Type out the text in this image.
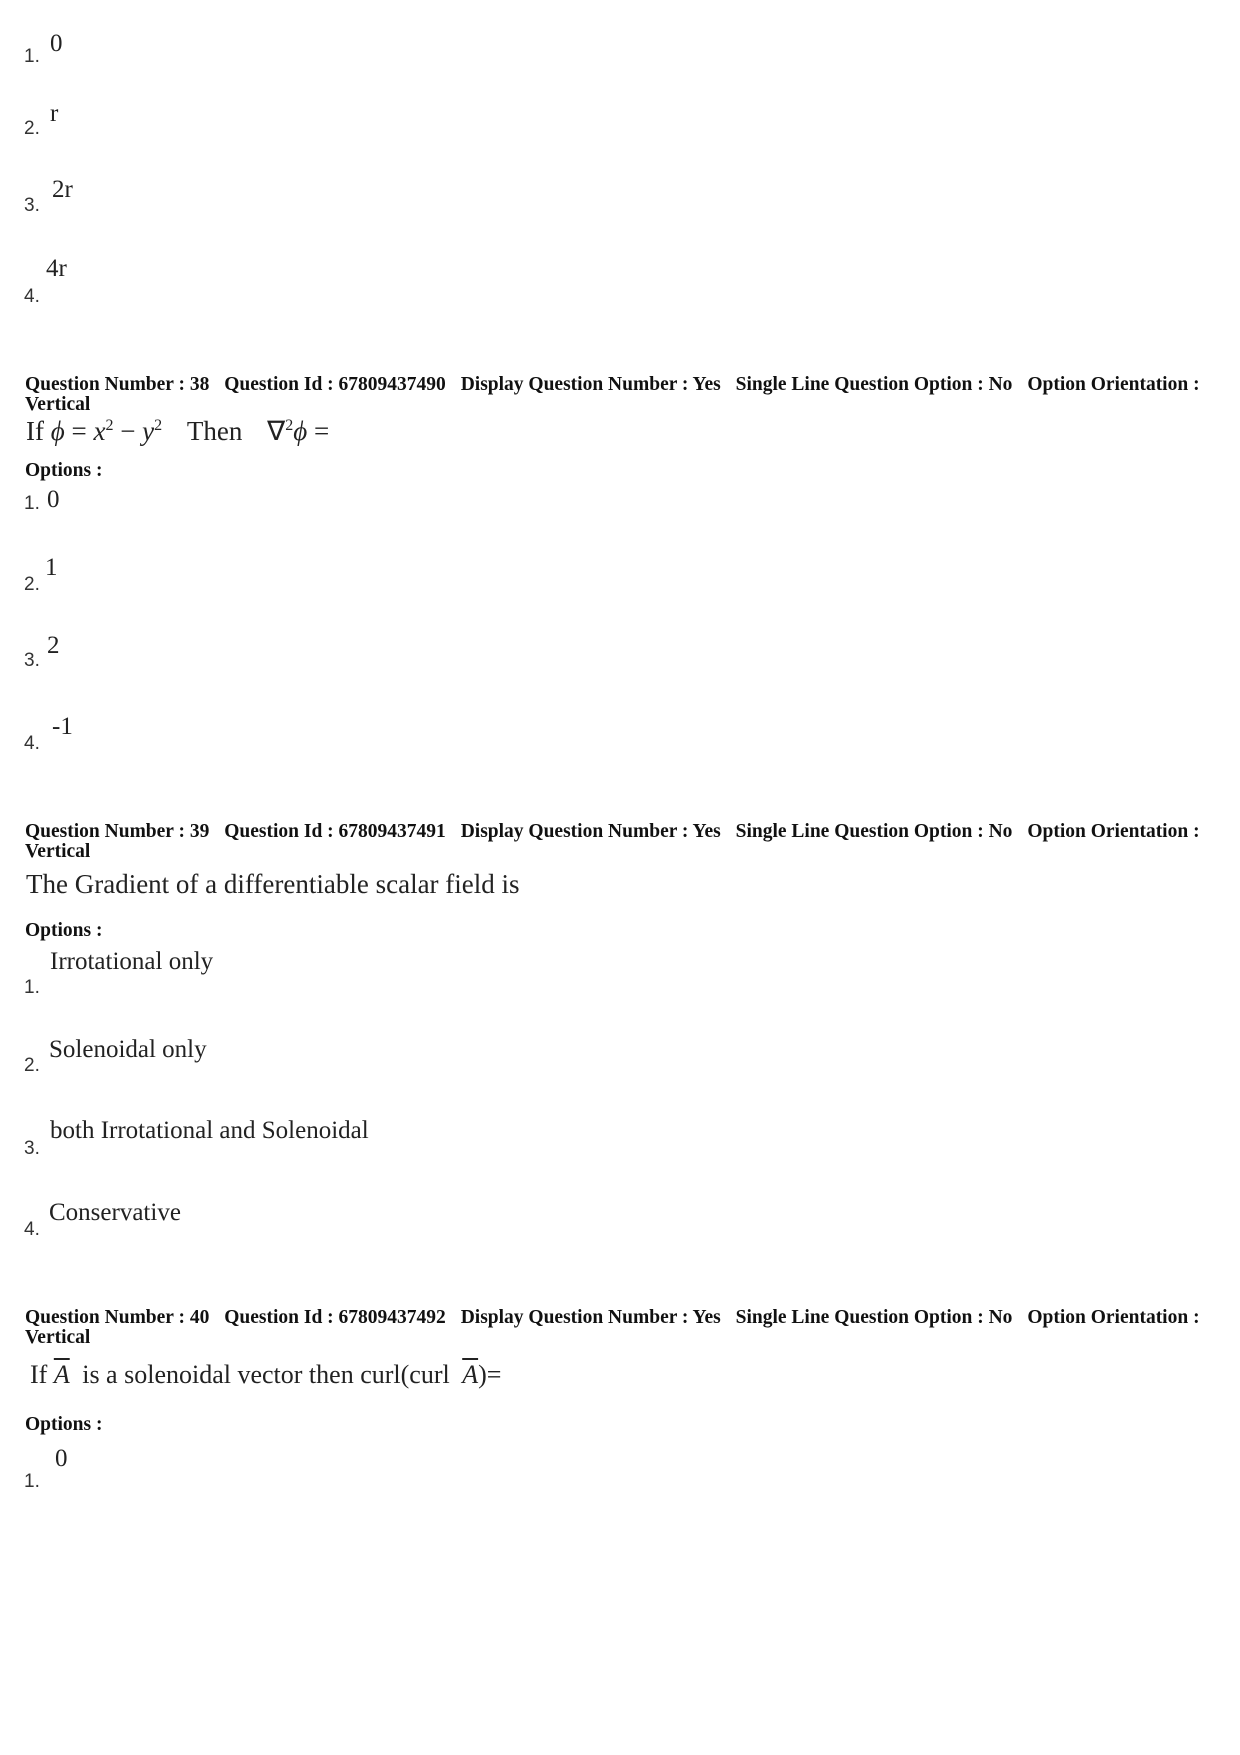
1. 0
2.
r
3.
2r
4.
4r
Question Number : 38 Question Id : 67809437490 Display Question Number : Yes Single Line Question Option : No Option Orientation : Vertical
If $\phi = x^2 - y^2$ Then ∇$^2$ϕ =
Options :
1. 0
2.
1
3.
2
4.
-1
Question Number : 39 Question Id : 67809437491 Display Question Number : Yes Single Line Question Option : No Option Orientation : Vertical
The Gradient of a differentiable scalar field is
Options :
1.
Irrotational only
2.
Solenoidal only
3.
both Irrotational and Solenoidal
4.
Conservative
Question Number : 40 Question Id : 67809437492 Display Question Number : Yes Single Line Question Option : No Option Orientation : Vertical
If $\overline{A}$ is a solenoidal vector then curl(curl $\overline{A})=$
Options :
1.
0
